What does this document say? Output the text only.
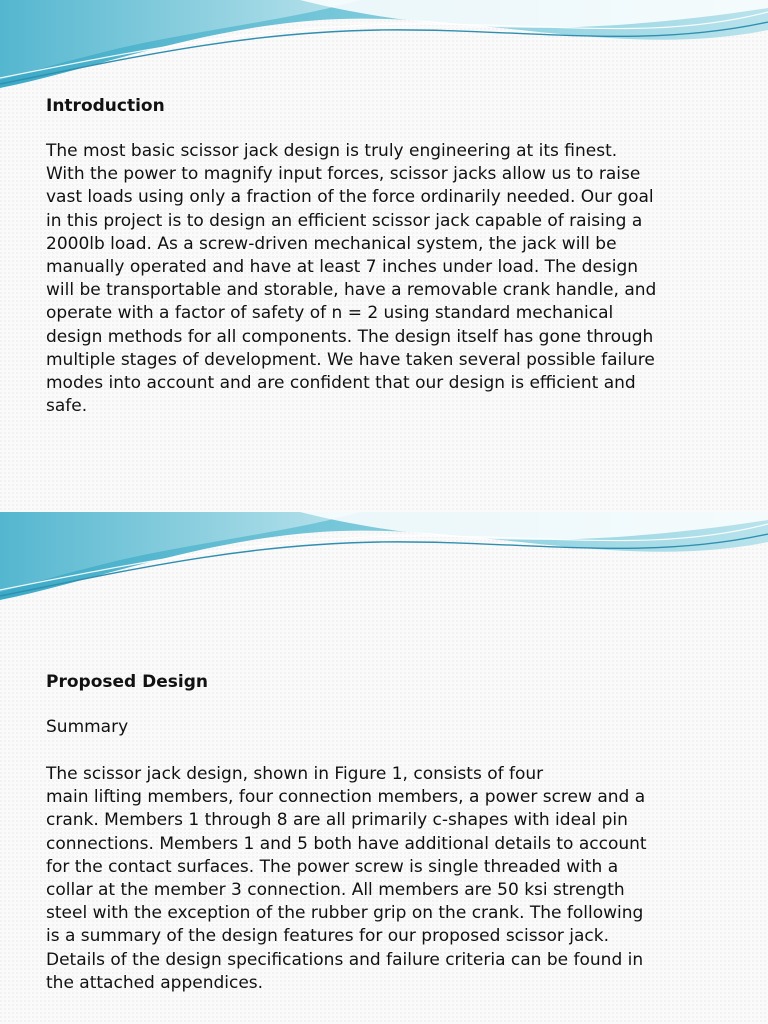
Introduction
The most basic scissor jack design is truly engineering at its finest.
With the power to magnify input forces, scissor jacks allow us to raise
vast loads using only a fraction of the force ordinarily needed. Our goal
in this project is to design an efficient scissor jack capable of raising a
2000lb load. As a screw-driven mechanical system, the jack will be
manually operated and have at least 7 inches under load. The design
will be transportable and storable, have a removable crank handle, and
operate with a factor of safety of n = 2 using standard mechanical
design methods for all components. The design itself has gone through
multiple stages of development. We have taken several possible failure
modes into account and are confident that our design is efficient and
safe.
Proposed Design
Summary
The scissor jack design, shown in Figure 1, consists of four
main lifting members, four connection members, a power screw and a
crank. Members 1 through 8 are all primarily c-shapes with ideal pin
connections. Members 1 and 5 both have additional details to account
for the contact surfaces. The power screw is single threaded with a
collar at the member 3 connection. All members are 50 ksi strength
steel with the exception of the rubber grip on the crank. The following
is a summary of the design features for our proposed scissor jack.
Details of the design specifications and failure criteria can be found in
the attached appendices.
